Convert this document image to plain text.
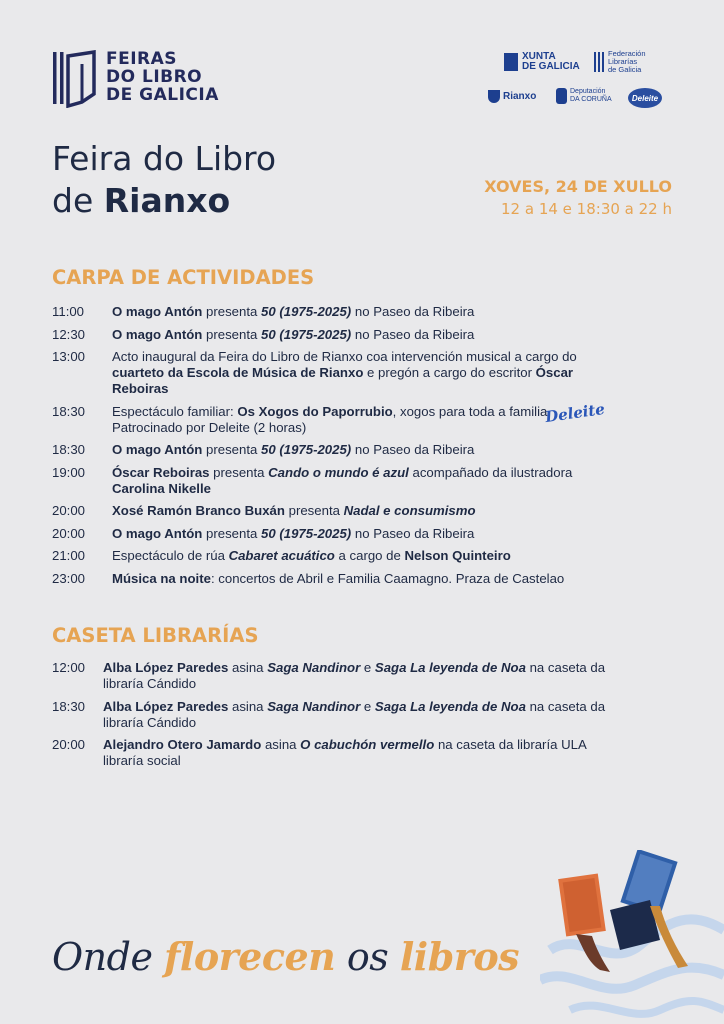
FEIRAS
DO LIBRO
DE GALICIA
XUNTA
DE GALICIA
Federación
Librarías
de Galicia
Rianxo	Deputación
DA CORUÑA	Deleite
Feira do Libro
de Rianxo	XOVES, 24 DE XULLO
12 a 14 e 18:30 a 22 h
CARPA DE ACTIVIDADES
11:00	O mago Antón presenta 50 (1975-2025) no Paseo da Ribeira
12:30	O mago Antón presenta 50 (1975-2025) no Paseo da Ribeira
13:00	Acto inaugural da Feira do Libro de Rianxo coa intervención musical a cargo do cuarteto da Escola de Música de Rianxo e pregón a cargo do escritor Óscar Reboiras
18:30	Espectáculo familiar: Os Xogos do Paporrubio, xogos para toda a familia. Patrocinado por Deleite (2 horas)
Deleite
18:30	O mago Antón presenta 50 (1975-2025) no Paseo da Ribeira
19:00	Óscar Reboiras presenta Cando o mundo é azul acompañado da ilustradora Carolina Nikelle
20:00	Xosé Ramón Branco Buxán presenta Nadal e consumismo
20:00	O mago Antón presenta 50 (1975-2025) no Paseo da Ribeira
21:00	Espectáculo de rúa Cabaret acuático a cargo de Nelson Quinteiro
23:00	Música na noite: concertos de Abril e Familia Caamagno. Praza de Castelao
CASETA LIBRARÍAS
12:00	Alba López Paredes asina Saga Nandinor e Saga La leyenda de Noa na caseta da libraría Cándido
18:30	Alba López Paredes asina Saga Nandinor e Saga La leyenda de Noa na caseta da libraría Cándido
20:00	Alejandro Otero Jamardo asina O cabuchón vermello na caseta da libraría ULA libraría social
Onde florecen os libros
